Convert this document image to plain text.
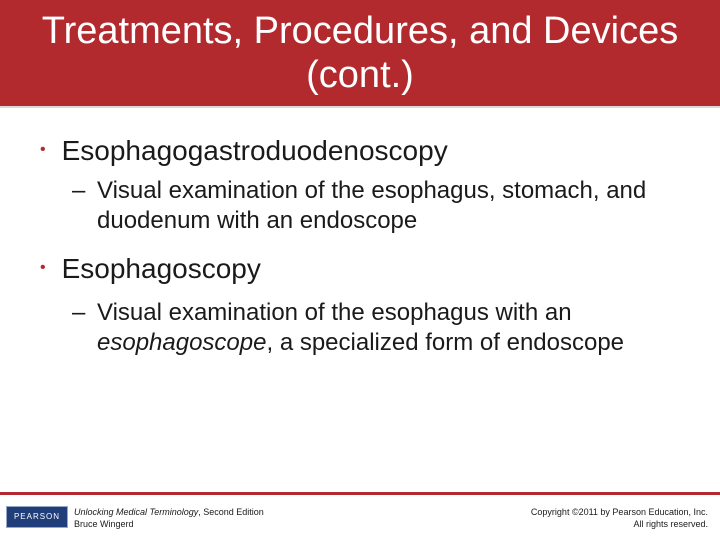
Treatments, Procedures, and Devices (cont.)
• Esophagogastroduodenoscopy
– Visual examination of the esophagus, stomach, and duodenum with an endoscope
• Esophagoscopy
– Visual examination of the esophagus with an esophagoscope, a specialized form of endoscope
PEARSON	Unlocking Medical Terminology, Second Edition
Bruce Wingerd
Copyright ©2011 by Pearson Education, Inc.
All rights reserved.
